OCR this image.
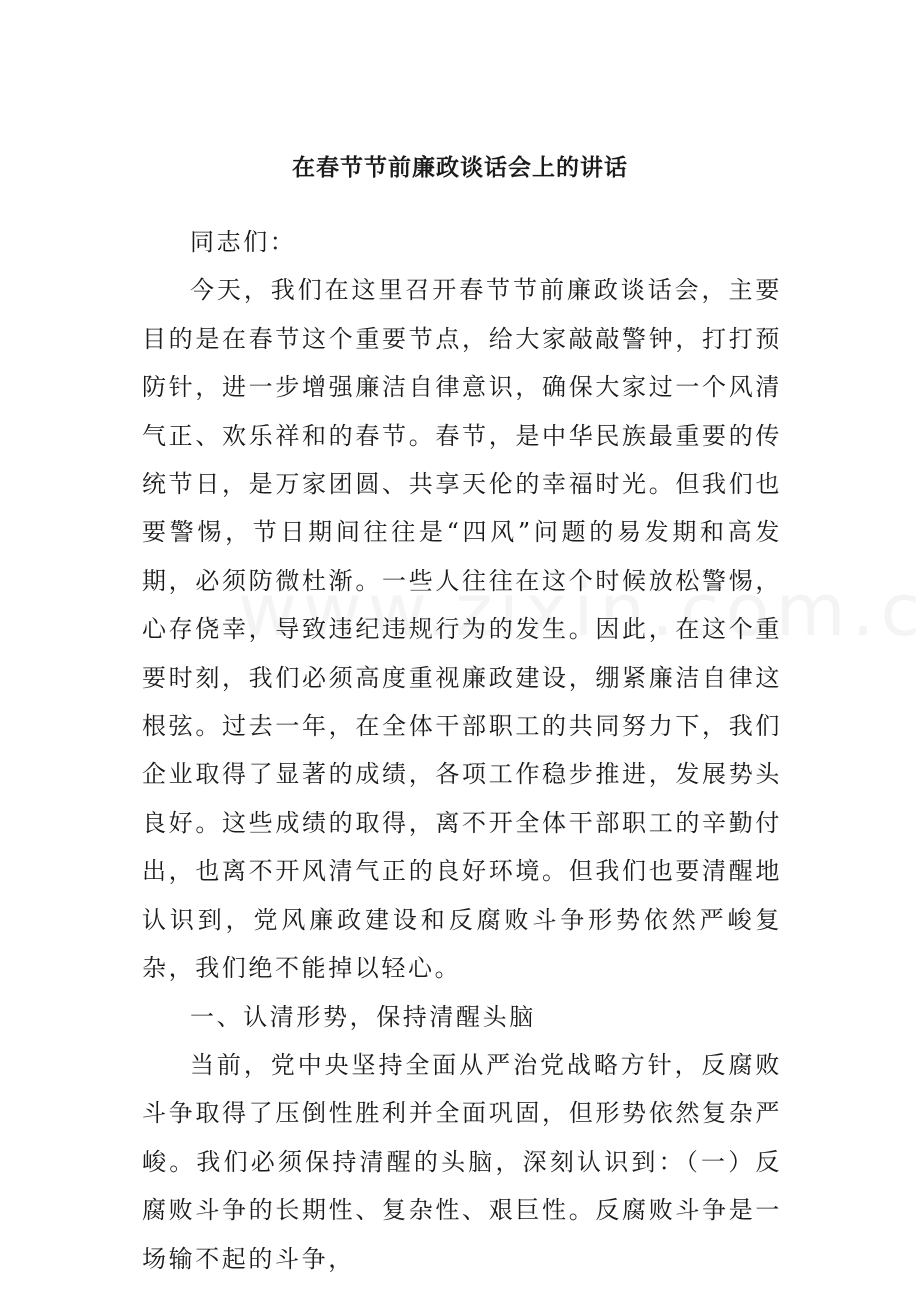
在春节节前廉政谈话会上的讲话

同志们：

今天，我们在这里召开春节节前廉政谈话会，主要目的是在春节这个重要节点，给大家敲敲警钟，打打预防针，进一步增强廉洁自律意识，确保大家过一个风清气正、欢乐祥和的春节。春节，是中华民族最重要的传统节日，是万家团圆、共享天伦的幸福时光。但我们也要警惕，节日期间往往是“四风”问题的易发期和高发期，必须防微杜渐。一些人往往在这个时候放松警惕，心存侥幸，导致违纪违规行为的发生。因此，在这个重要时刻，我们必须高度重视廉政建设，绷紧廉洁自律这根弦。过去一年，在全体干部职工的共同努力下，我们企业取得了显著的成绩，各项工作稳步推进，发展势头良好。这些成绩的取得，离不开全体干部职工的辛勤付出，也离不开风清气正的良好环境。但我们也要清醒地认识到，党风廉政建设和反腐败斗争形势依然严峻复杂，我们绝不能掉以轻心。

一、认清形势，保持清醒头脑

当前，党中央坚持全面从严治党战略方针，反腐败斗争取得了压倒性胜利并全面巩固，但形势依然复杂严峻。我们必须保持清醒的头脑，深刻认识到：（一）反腐败斗争的长期性、复杂性、艰巨性。反腐败斗争是一场输不起的斗争，
